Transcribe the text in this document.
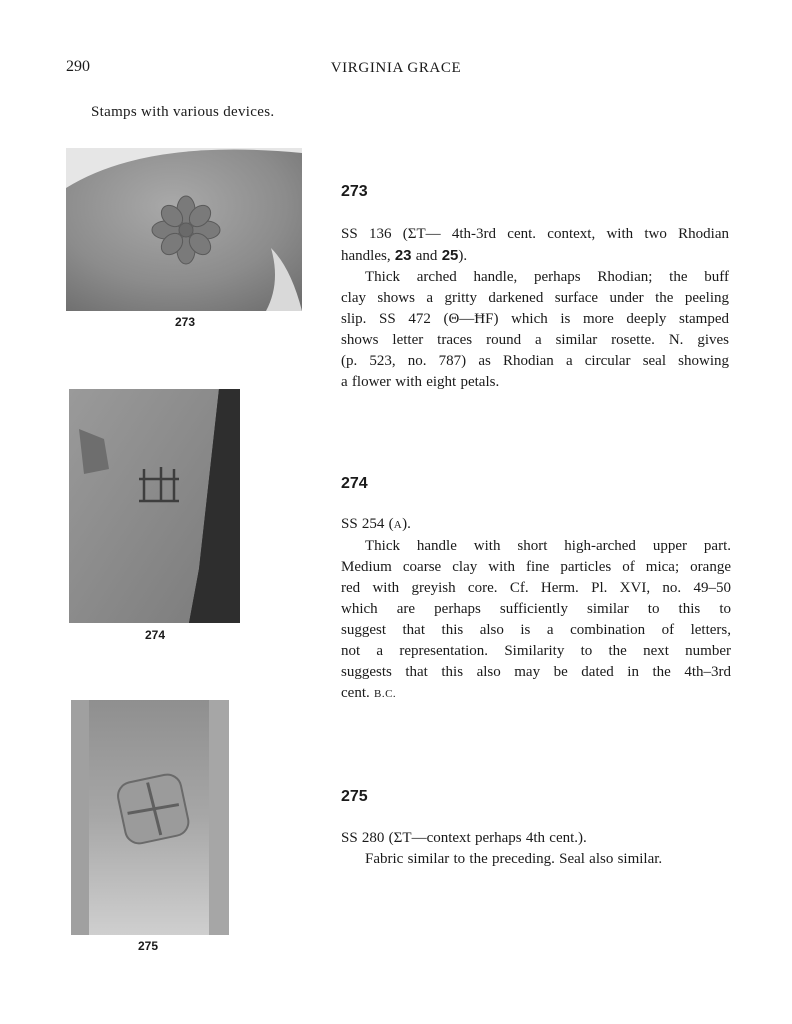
290	VIRGINIA GRACE
Stamps with various devices.
273
274
275
273
SS 136 (ΣT— 4th-3rd cent. context, with two Rhodian
handles, 23 and 25).
Thick arched handle, perhaps Rhodian; the buff
clay shows a gritty darkened surface under the peeling
slip. SS 472 (Θ—ĦF) which is more deeply stamped
shows letter traces round a similar rosette. N. gives
(p. 523, no. 787) as Rhodian a circular seal showing
a flower with eight petals.
274
SS 254 (A).
Thick handle with short high-arched upper part.
Medium coarse clay with fine particles of mica; orange
red with greyish core. Cf. Herm. Pl. XVI, no. 49–50
which are perhaps sufficiently similar to this to
suggest that this also is a combination of letters,
not a representation. Similarity to the next number
suggests that this also may be dated in the 4th–3rd
cent. B.C.
275
SS 280 (ΣT—context perhaps 4th cent.).
Fabric similar to the preceding. Seal also similar.
